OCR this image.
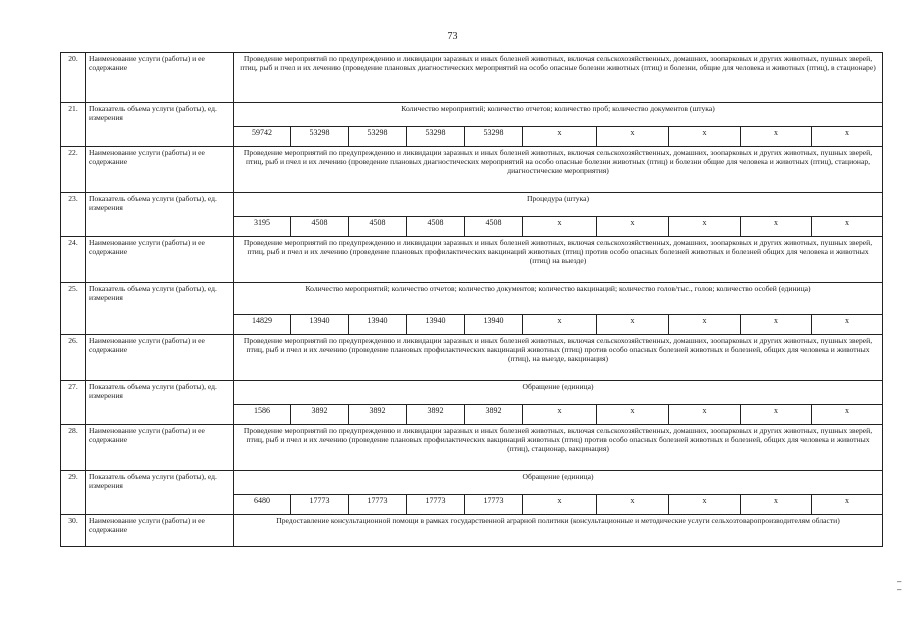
73
20.	Наименование услуги (работы) и ее содержание	Проведение мероприятий по предупреждению и ликвидации заразных и иных болезней животных, включая сельскохозяйственных, домашних, зоопарковых и других животных, пушных зверей, птиц, рыб и пчел и их лечению (проведение плановых диагностических мероприятий на особо опасные болезни животных (птиц) и болезни, общие для человека и животных (птиц), в стационаре)									
21.	Показатель объема услуги (работы), ед. измерения	Количество мероприятий; количество отчетов; количество проб; количество документов (штука)									
		59742	53298	53298	53298	53298	x	x	x	x	x
22.	Наименование услуги (работы) и ее содержание	Проведение мероприятий по предупреждению и ликвидации заразных и иных болезней животных, включая сельскохозяйственных, домашних, зоопарковых и других животных, пушных зверей, птиц, рыб и пчел и их лечению (проведение плановых диагностических мероприятий на особо опасные болезни животных (птиц) и болезни общие для человека и животных (птиц), стационар, диагностические мероприятия)									
23.	Показатель объема услуги (работы), ед. измерения	Процедура (штука)									
		3195	4508	4508	4508	4508	x	x	x	x	x
24.	Наименование услуги (работы) и ее содержание	Проведение мероприятий по предупреждению и ликвидации заразных и иных болезней животных, включая сельскохозяйственных, домашних, зоопарковых и других животных, пушных зверей, птиц, рыб и пчел и их лечению (проведение плановых профилактических вакцинаций животных (птиц) против особо опасных болезней животных и болезней общих для человека и животных (птиц) на выезде)									
25.	Показатель объема услуги (работы), ед. измерения	Количество мероприятий; количество отчетов; количество документов; количество вакцинаций; количество голов/тыс., голов; количество особей (единица)									
		14829	13940	13940	13940	13940	x	x	x	x	x
26.	Наименование услуги (работы) и ее содержание	Проведение мероприятий по предупреждению и ликвидации заразных и иных болезней животных, включая сельскохозяйственных, домашних, зоопарковых и других животных, пушных зверей, птиц, рыб и пчел и их лечению (проведение плановых профилактических вакцинаций животных (птиц) против особо опасных болезней животных и болезней, общих для человека и животных (птиц), на выезде, вакцинация)									
27.	Показатель объема услуги (работы), ед. измерения	Обращение (единица)									
		1586	3892	3892	3892	3892	x	x	x	x	x
28.	Наименование услуги (работы) и ее содержание	Проведение мероприятий по предупреждению и ликвидации заразных и иных болезней животных, включая сельскохозяйственных, домашних, зоопарковых и других животных, пушных зверей, птиц, рыб и пчел и их лечению (проведение плановых профилактических вакцинаций животных (птиц) против особо опасных болезней животных и болезней, общих для человека и животных (птиц), стационар, вакцинация)									
29.	Показатель объема услуги (работы), ед. измерения	Обращение (единица)									
		6480	17773	17773	17773	17773	x	x	x	x	x
30.	Наименование услуги (работы) и ее содержание	Предоставление консультационной помощи в рамках государственной аграрной политики (консультационные и методические услуги сельхозтоваропроизводителям области)									
–
–
